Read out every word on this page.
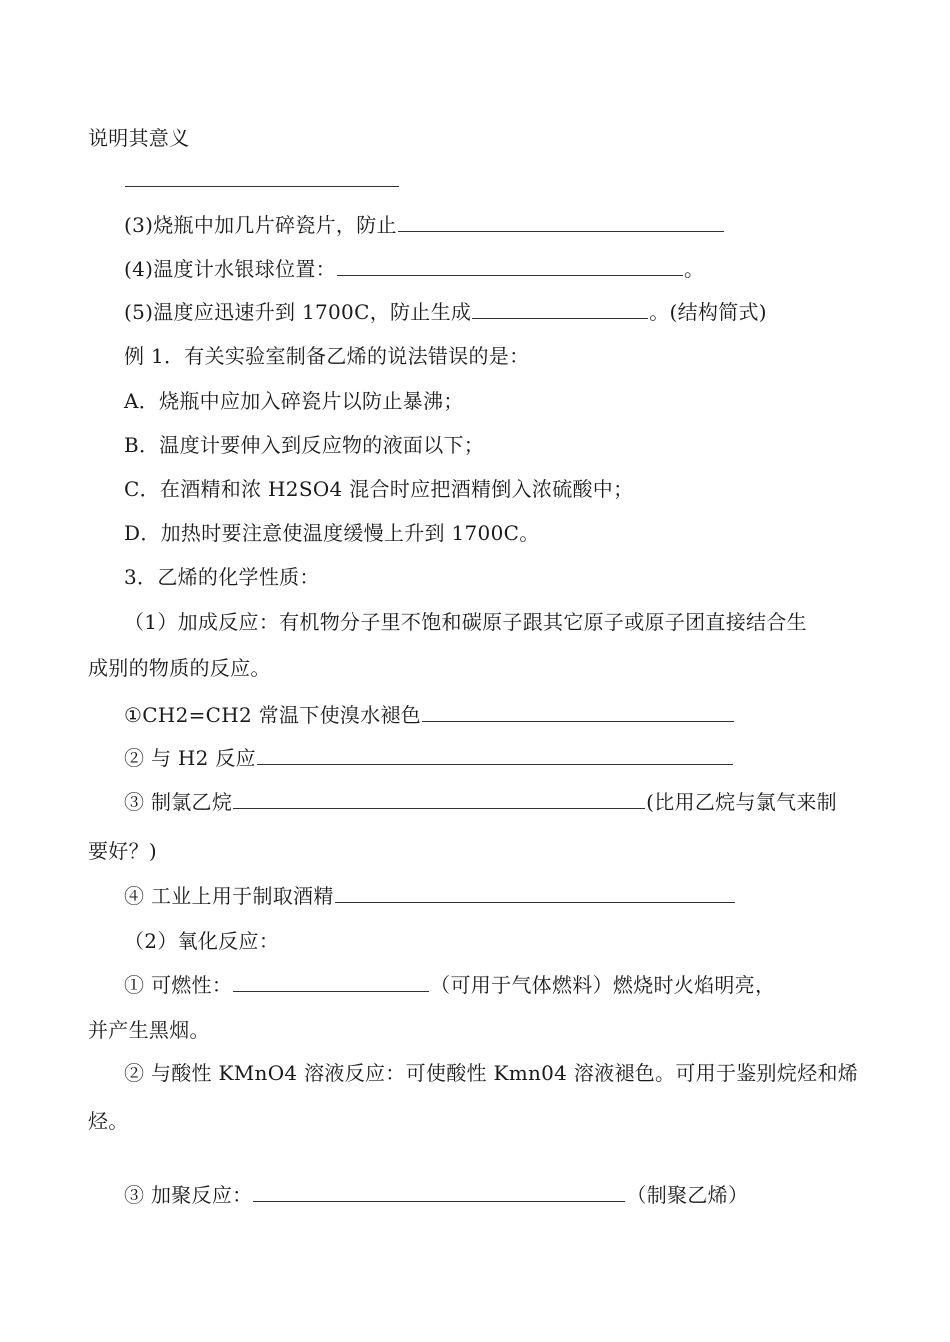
说明其意义
(3)烧瓶中加几片碎瓷片，防止
(4)温度计水银球位置：	。
(5)温度应迅速升到 1700C，防止生成	。(结构简式)
例 1．有关实验室制备乙烯的说法错误的是：
A．烧瓶中应加入碎瓷片以防止暴沸；
B．温度计要伸入到反应物的液面以下；
C．在酒精和浓 H2SO4 混合时应把酒精倒入浓硫酸中；
D．加热时要注意使温度缓慢上升到 1700C。
3．乙烯的化学性质：
（1）加成反应：有机物分子里不饱和碳原子跟其它原子或原子团直接结合生
成别的物质的反应。
①CH2=CH2 常温下使溴水褪色
② 与 H2 反应
③ 制氯乙烷	(比用乙烷与氯气来制
要好？)
④ 工业上用于制取酒精
（2）氧化反应：
① 可燃性：	（可用于气体燃料）燃烧时火焰明亮，
并产生黑烟。
② 与酸性 KMnO4 溶液反应：可使酸性 Kmn04 溶液褪色。可用于鉴别烷烃和烯
烃。
③ 加聚反应：	（制聚乙烯）
